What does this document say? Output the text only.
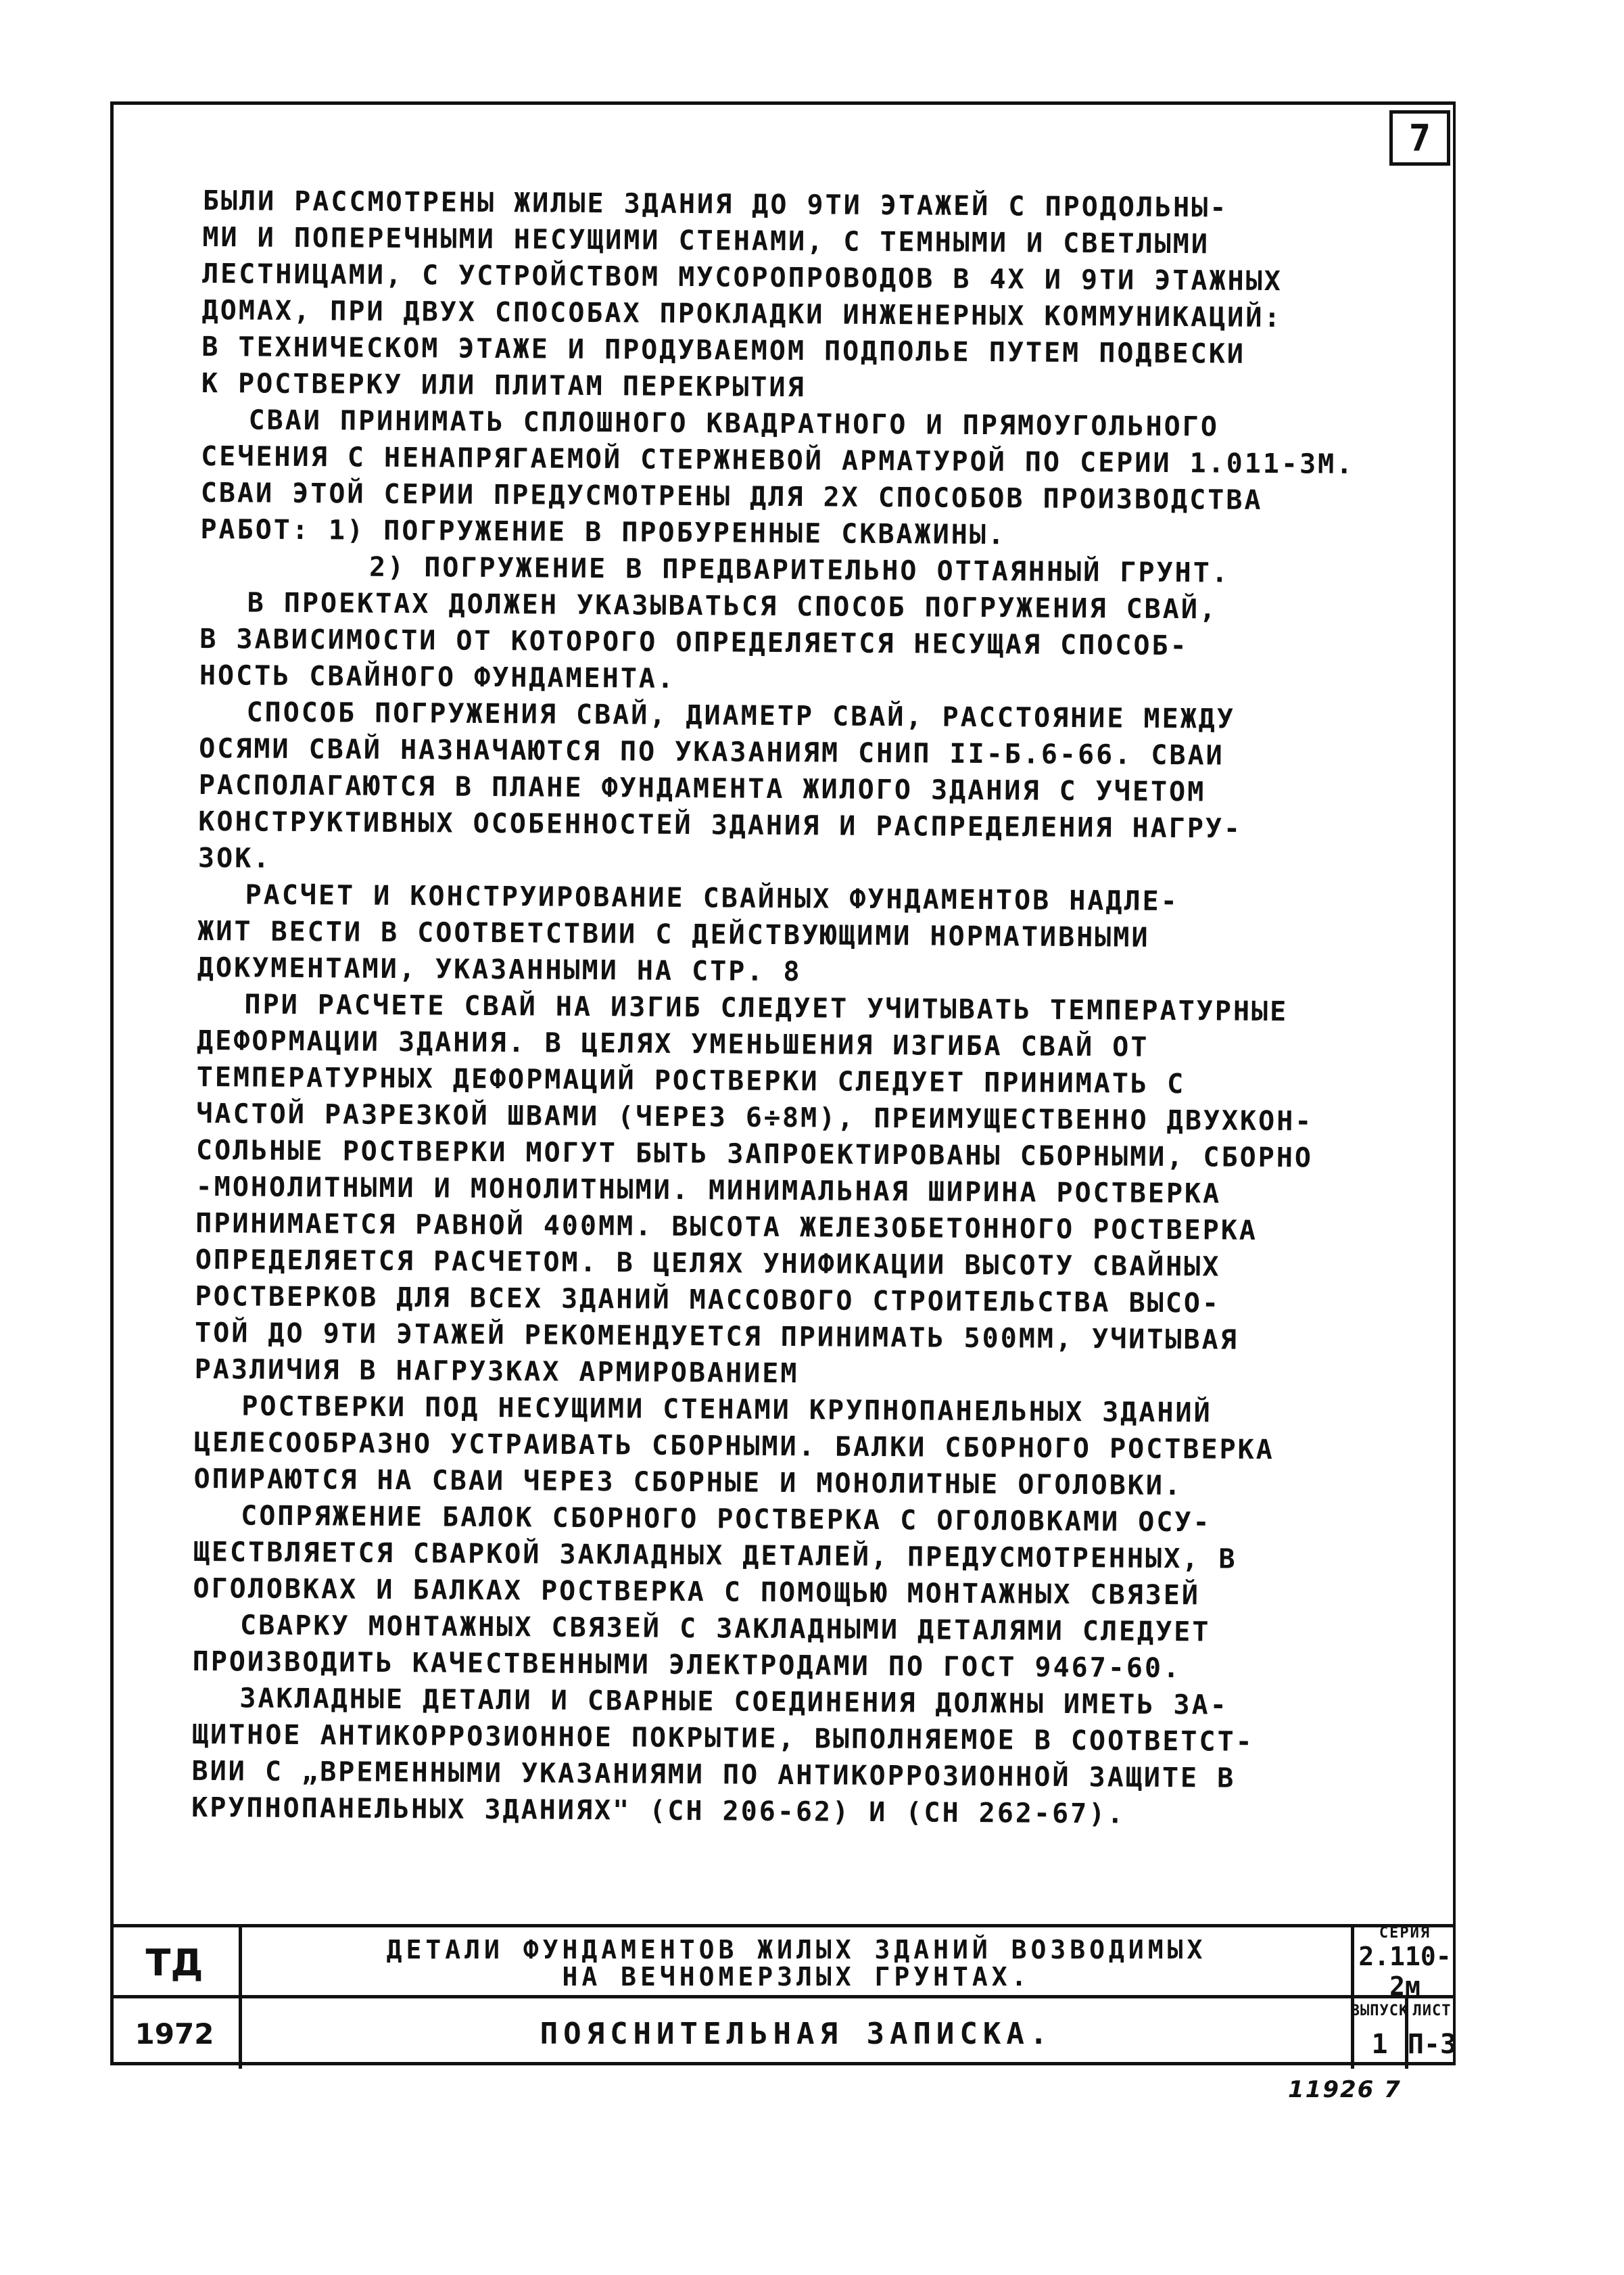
7

БЫЛИ РАССМОТРЕНЫ ЖИЛЫЕ ЗДАНИЯ ДО 9ТИ ЭТАЖЕЙ С ПРОДОЛЬНЫ-

МИ И ПОПЕРЕЧНЫМИ НЕСУЩИМИ СТЕНАМИ, С ТЕМНЫМИ И СВЕТЛЫМИ

ЛЕСТНИЦАМИ, С УСТРОЙСТВОМ МУСОРОПРОВОДОВ В 4Х И 9ТИ ЭТАЖНЫХ

ДОМАХ, ПРИ ДВУХ СПОСОБАХ ПРОКЛАДКИ ИНЖЕНЕРНЫХ КОММУНИКАЦИЙ:

В ТЕХНИЧЕСКОМ ЭТАЖЕ И ПРОДУВАЕМОМ ПОДПОЛЬЕ ПУТЕМ ПОДВЕСКИ

К РОСТВЕРКУ ИЛИ ПЛИТАМ ПЕРЕКРЫТИЯ

СВАИ ПРИНИМАТЬ СПЛОШНОГО КВАДРАТНОГО И ПРЯМОУГОЛЬНОГО

СЕЧЕНИЯ С НЕНАПРЯГАЕМОЙ СТЕРЖНЕВОЙ АРМАТУРОЙ ПО СЕРИИ 1.011-3М.

СВАИ ЭТОЙ СЕРИИ ПРЕДУСМОТРЕНЫ ДЛЯ 2Х СПОСОБОВ ПРОИЗВОДСТВА

РАБОТ: 1) ПОГРУЖЕНИЕ В ПРОБУРЕННЫЕ СКВАЖИНЫ.

2) ПОГРУЖЕНИЕ В ПРЕДВАРИТЕЛЬНО ОТТАЯННЫЙ ГРУНТ.

В ПРОЕКТАХ ДОЛЖЕН УКАЗЫВАТЬСЯ СПОСОБ ПОГРУЖЕНИЯ СВАЙ,

В ЗАВИСИМОСТИ ОТ КОТОРОГО ОПРЕДЕЛЯЕТСЯ НЕСУЩАЯ СПОСОБ-

НОСТЬ СВАЙНОГО ФУНДАМЕНТА.

СПОСОБ ПОГРУЖЕНИЯ СВАЙ, ДИАМЕТР СВАЙ, РАССТОЯНИЕ МЕЖДУ

ОСЯМИ СВАЙ НАЗНАЧАЮТСЯ ПО УКАЗАНИЯМ СНИП II-Б.6-66. СВАИ

РАСПОЛАГАЮТСЯ В ПЛАНЕ ФУНДАМЕНТА ЖИЛОГО ЗДАНИЯ С УЧЕТОМ

КОНСТРУКТИВНЫХ ОСОБЕННОСТЕЙ ЗДАНИЯ И РАСПРЕДЕЛЕНИЯ НАГРУ-

ЗОК.

РАСЧЕТ И КОНСТРУИРОВАНИЕ СВАЙНЫХ ФУНДАМЕНТОВ НАДЛЕ-

ЖИТ ВЕСТИ В СООТВЕТСТВИИ С ДЕЙСТВУЮЩИМИ НОРМАТИВНЫМИ

ДОКУМЕНТАМИ, УКАЗАННЫМИ НА СТР. 8

ПРИ РАСЧЕТЕ СВАЙ НА ИЗГИБ СЛЕДУЕТ УЧИТЫВАТЬ ТЕМПЕРАТУРНЫЕ

ДЕФОРМАЦИИ ЗДАНИЯ. В ЦЕЛЯХ УМЕНЬШЕНИЯ ИЗГИБА СВАЙ ОТ

ТЕМПЕРАТУРНЫХ ДЕФОРМАЦИЙ РОСТВЕРКИ СЛЕДУЕТ ПРИНИМАТЬ С

ЧАСТОЙ РАЗРЕЗКОЙ ШВАМИ (ЧЕРЕЗ 6÷8М), ПРЕИМУЩЕСТВЕННО ДВУХКОН-

СОЛЬНЫЕ РОСТВЕРКИ МОГУТ БЫТЬ ЗАПРОЕКТИРОВАНЫ СБОРНЫМИ, СБОРНО

-МОНОЛИТНЫМИ И МОНОЛИТНЫМИ. МИНИМАЛЬНАЯ ШИРИНА РОСТВЕРКА

ПРИНИМАЕТСЯ РАВНОЙ 400ММ. ВЫСОТА ЖЕЛЕЗОБЕТОННОГО РОСТВЕРКА

ОПРЕДЕЛЯЕТСЯ РАСЧЕТОМ. В ЦЕЛЯХ УНИФИКАЦИИ ВЫСОТУ СВАЙНЫХ

РОСТВЕРКОВ ДЛЯ ВСЕХ ЗДАНИЙ МАССОВОГО СТРОИТЕЛЬСТВА ВЫСО-

ТОЙ ДО 9ТИ ЭТАЖЕЙ РЕКОМЕНДУЕТСЯ ПРИНИМАТЬ 500ММ, УЧИТЫВАЯ

РАЗЛИЧИЯ В НАГРУЗКАХ АРМИРОВАНИЕМ

РОСТВЕРКИ ПОД НЕСУЩИМИ СТЕНАМИ КРУПНОПАНЕЛЬНЫХ ЗДАНИЙ

ЦЕЛЕСООБРАЗНО УСТРАИВАТЬ СБОРНЫМИ. БАЛКИ СБОРНОГО РОСТВЕРКА

ОПИРАЮТСЯ НА СВАИ ЧЕРЕЗ СБОРНЫЕ И МОНОЛИТНЫЕ ОГОЛОВКИ.

СОПРЯЖЕНИЕ БАЛОК СБОРНОГО РОСТВЕРКА С ОГОЛОВКАМИ ОСУ-

ЩЕСТВЛЯЕТСЯ СВАРКОЙ ЗАКЛАДНЫХ ДЕТАЛЕЙ, ПРЕДУСМОТРЕННЫХ, В

ОГОЛОВКАХ И БАЛКАХ РОСТВЕРКА С ПОМОЩЬЮ МОНТАЖНЫХ СВЯЗЕЙ

СВАРКУ МОНТАЖНЫХ СВЯЗЕЙ С ЗАКЛАДНЫМИ ДЕТАЛЯМИ СЛЕДУЕТ

ПРОИЗВОДИТЬ КАЧЕСТВЕННЫМИ ЭЛЕКТРОДАМИ ПО ГОСТ 9467-60.

ЗАКЛАДНЫЕ ДЕТАЛИ И СВАРНЫЕ СОЕДИНЕНИЯ ДОЛЖНЫ ИМЕТЬ ЗА-

ЩИТНОЕ АНТИКОРРОЗИОННОЕ ПОКРЫТИЕ, ВЫПОЛНЯЕМОЕ В СООТВЕТСТ-

ВИИ С „ВРЕМЕННЫМИ УКАЗАНИЯМИ ПО АНТИКОРРОЗИОННОЙ ЗАЩИТЕ В

КРУПНОПАНЕЛЬНЫХ ЗДАНИЯХ" (СН 206-62) И (СН 262-67).

ТД
1972
ДЕТАЛИ ФУНДАМЕНТОВ ЖИЛЫХ ЗДАНИЙ ВОЗВОДИМЫХ
НА ВЕЧНОМЕРЗЛЫХ ГРУНТАХ.
ПОЯСНИТЕЛЬНАЯ ЗАПИСКА.
СЕРИЯ
2.110-2м
ВЫПУСК
1
ЛИСТ
П-3
11926 7
